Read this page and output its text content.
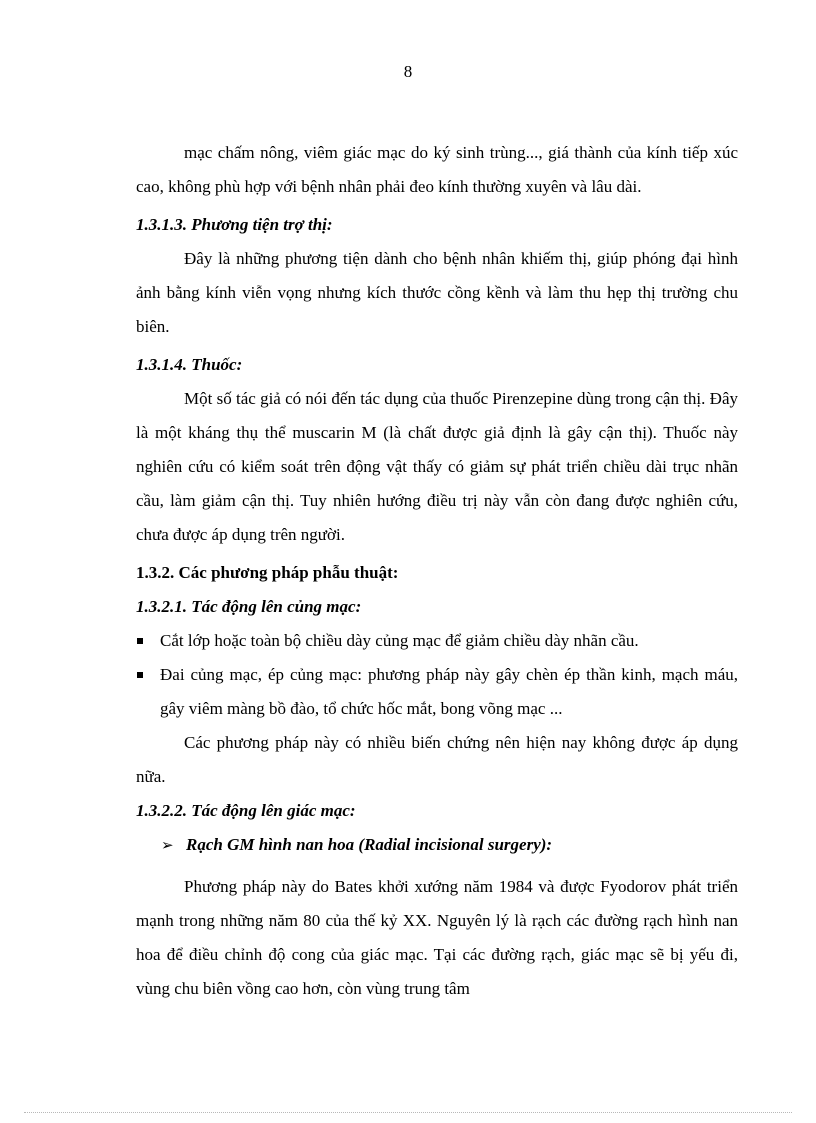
8

mạc chấm nông, viêm giác mạc do ký sinh trùng..., giá thành của kính tiếp xúc cao, không phù hợp với bệnh nhân phải đeo kính thường xuyên và lâu dài.

1.3.1.3. Phương tiện trợ thị:

Đây là những phương tiện dành cho bệnh nhân khiếm thị, giúp phóng đại hình ảnh bằng kính viễn vọng nhưng kích thước cồng kềnh và làm thu hẹp thị trường chu biên.

1.3.1.4. Thuốc:

Một số tác giả có nói đến tác dụng của thuốc Pirenzepine dùng trong cận thị. Đây là một kháng thụ thể muscarin M (là chất được giả định là gây cận thị). Thuốc này nghiên cứu có kiểm soát trên động vật thấy có giảm sự phát triển chiều dài trục nhãn cầu, làm giảm cận thị. Tuy nhiên hướng điều trị này vẫn còn đang được nghiên cứu, chưa được áp dụng trên người.

1.3.2. Các phương pháp phẫu thuật:

1.3.2.1. Tác động lên củng mạc:

Cắt lớp hoặc toàn bộ chiều dày củng mạc để giảm chiều dày nhãn cầu.

Đai củng mạc, ép củng mạc: phương pháp này gây chèn ép thần kinh, mạch máu, gây viêm màng bồ đào, tổ chức hốc mắt, bong võng mạc ...

Các phương pháp này có nhiều biến chứng nên hiện nay không được áp dụng nữa.

1.3.2.2. Tác động lên giác mạc:

➢ Rạch GM hình nan hoa (Radial incisional surgery):

Phương pháp này do Bates khởi xướng năm 1984 và được Fyodorov phát triển mạnh trong những năm 80 của thế kỷ XX. Nguyên lý là rạch các đường rạch hình nan hoa để điều chỉnh độ cong của giác mạc. Tại các đường rạch, giác mạc sẽ bị yếu đi, vùng chu biên vồng cao hơn, còn vùng trung tâm
